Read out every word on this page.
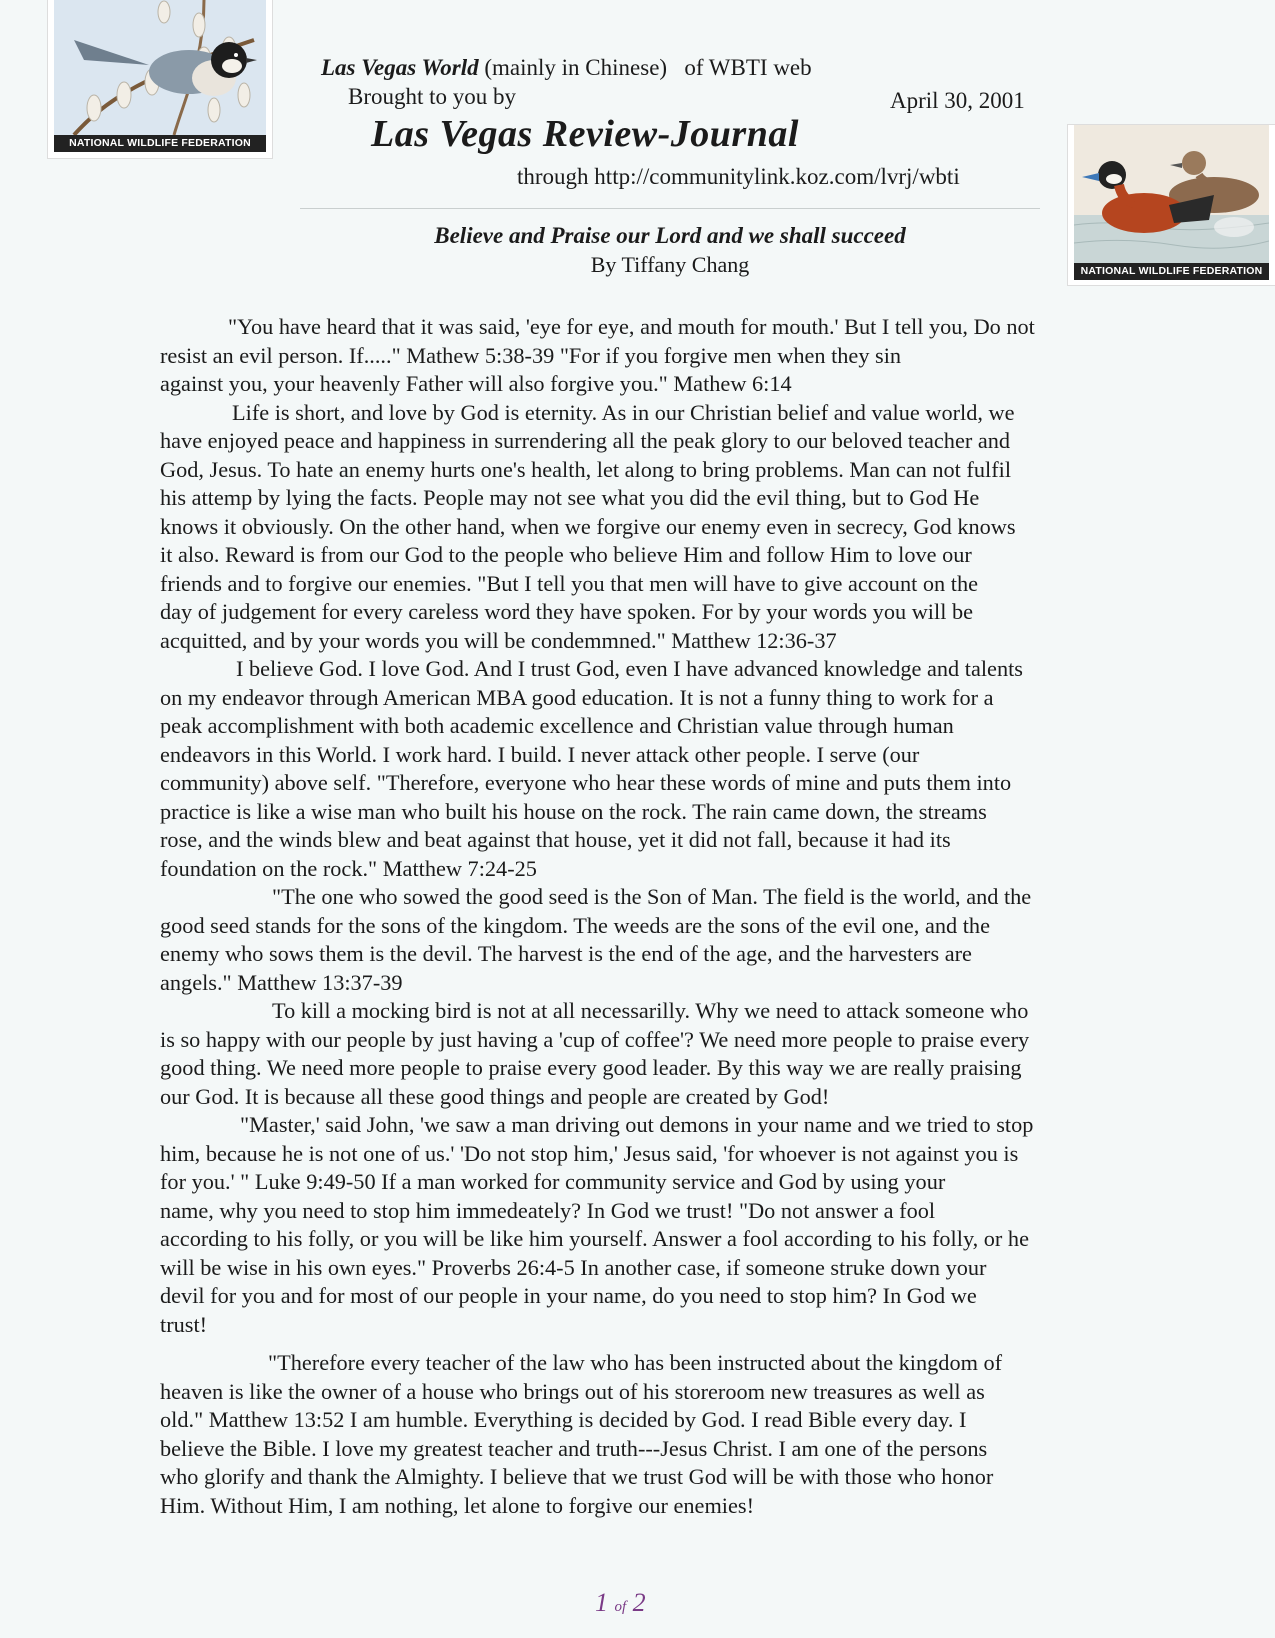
NATIONAL WILDLIFE FEDERATION
NATIONAL WILDLIFE FEDERATION
Las Vegas World (mainly in Chinese) of WBTI web
Brought to you by	April 30, 2001
Las Vegas Review-Journal
through http://communitylink.koz.com/lvrj/wbti
Believe and Praise our Lord and we shall succeed
By Tiffany Chang
"You have heard that it was said, 'eye for eye, and mouth for mouth.' But I tell you, Do not
resist an evil person. If....." Mathew 5:38-39 "For if you forgive men when they sin
against you, your heavenly Father will also forgive you." Mathew 6:14
Life is short, and love by God is eternity. As in our Christian belief and value world, we
have enjoyed peace and happiness in surrendering all the peak glory to our beloved teacher and
God, Jesus. To hate an enemy hurts one's health, let along to bring problems. Man can not fulfil
his attemp by lying the facts. People may not see what you did the evil thing, but to God He
knows it obviously. On the other hand, when we forgive our enemy even in secrecy, God knows
it also. Reward is from our God to the people who believe Him and follow Him to love our
friends and to forgive our enemies. "But I tell you that men will have to give account on the
day of judgement for every careless word they have spoken. For by your words you will be
acquitted, and by your words you will be condemmned." Matthew 12:36-37
I believe God. I love God. And I trust God, even I have advanced knowledge and talents
on my endeavor through American MBA good education. It is not a funny thing to work for a
peak accomplishment with both academic excellence and Christian value through human
endeavors in this World. I work hard. I build. I never attack other people. I serve (our
community) above self. "Therefore, everyone who hear these words of mine and puts them into
practice is like a wise man who built his house on the rock. The rain came down, the streams
rose, and the winds blew and beat against that house, yet it did not fall, because it had its
foundation on the rock." Matthew 7:24-25
"The one who sowed the good seed is the Son of Man. The field is the world, and the
good seed stands for the sons of the kingdom. The weeds are the sons of the evil one, and the
enemy who sows them is the devil. The harvest is the end of the age, and the harvesters are
angels." Matthew 13:37-39
To kill a mocking bird is not at all necessarilly. Why we need to attack someone who
is so happy with our people by just having a 'cup of coffee'? We need more people to praise every
good thing. We need more people to praise every good leader. By this way we are really praising
our God. It is because all these good things and people are created by God!
"Master,' said John, 'we saw a man driving out demons in your name and we tried to stop
him, because he is not one of us.' 'Do not stop him,' Jesus said, 'for whoever is not against you is
for you.' " Luke 9:49-50 If a man worked for community service and God by using your
name, why you need to stop him immedeately? In God we trust! "Do not answer a fool
according to his folly, or you will be like him yourself. Answer a fool according to his folly, or he
will be wise in his own eyes." Proverbs 26:4-5 In another case, if someone struke down your
devil for you and for most of our people in your name, do you need to stop him? In God we
trust!
"Therefore every teacher of the law who has been instructed about the kingdom of
heaven is like the owner of a house who brings out of his storeroom new treasures as well as
old." Matthew 13:52 I am humble. Everything is decided by God. I read Bible every day. I
believe the Bible. I love my greatest teacher and truth---Jesus Christ. I am one of the persons
who glorify and thank the Almighty. I believe that we trust God will be with those who honor
Him. Without Him, I am nothing, let alone to forgive our enemies!
1 of 2
